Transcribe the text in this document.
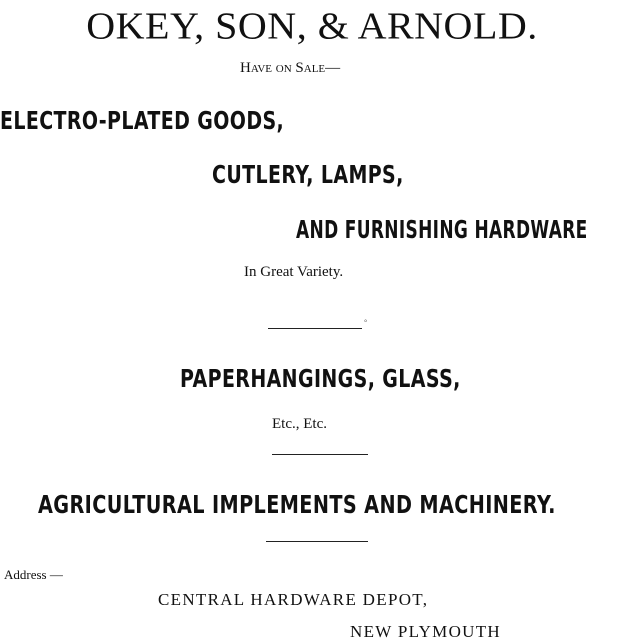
OKEY, SON, & ARNOLD.
Have on Sale—
ELECTRO-PLATED GOODS,
CUTLERY, LAMPS,
AND FURNISHING HARDWARE
In Great Variety.
°
PAPERHANGINGS, GLASS,
Etc., Etc.
AGRICULTURAL IMPLEMENTS AND MACHINERY.
Address —
CENTRAL HARDWARE DEPOT,
NEW PLYMOUTH
